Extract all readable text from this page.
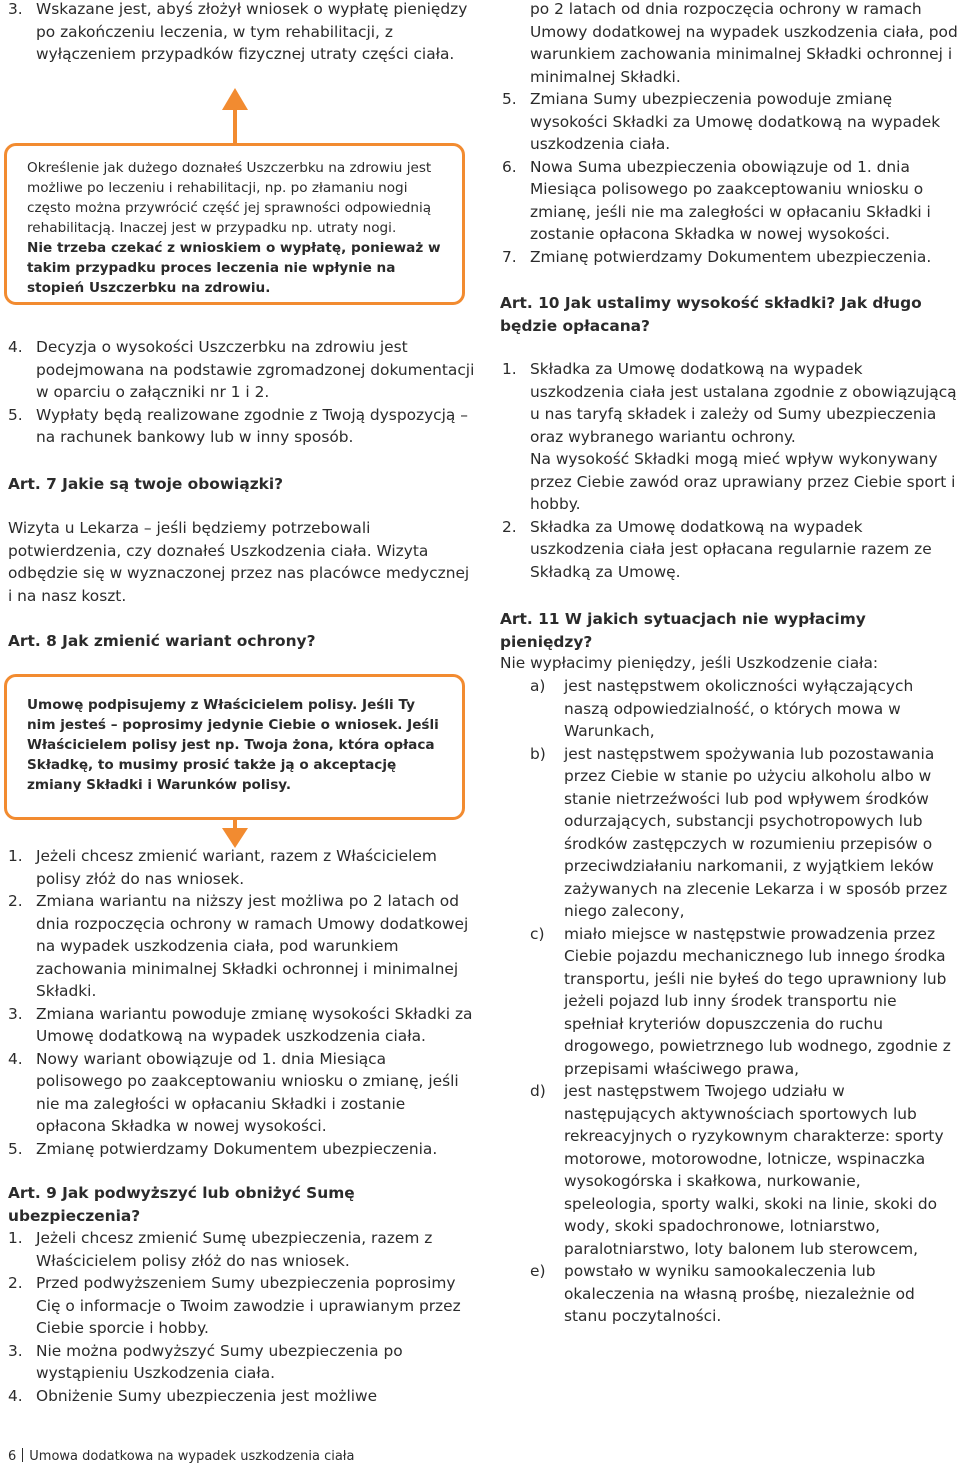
3. Wskazane jest, abyś złożył wniosek o wypłatę pieniędzy po zakończeniu leczenia, w tym rehabilitacji, z wyłączeniem przypadków fizycznej utraty części ciała.
Określenie jak dużego doznałeś Uszczerbku na zdrowiu jest możliwe po leczeniu i rehabilitacji, np. po złamaniu nogi często można przywrócić część jej sprawności odpowiednią rehabilitacją. Inaczej jest w przypadku np. utraty nogi.
Nie trzeba czekać z wnioskiem o wypłatę, ponieważ w takim przypadku proces leczenia nie wpłynie na stopień Uszczerbku na zdrowiu.
4. Decyzja o wysokości Uszczerbku na zdrowiu jest podejmowana na podstawie zgromadzonej dokumentacji w oparciu o załączniki nr 1 i 2.
5. Wypłaty będą realizowane zgodnie z Twoją dyspozycją – na rachunek bankowy lub w inny sposób.
Art. 7 Jakie są twoje obowiązki?
Wizyta u Lekarza – jeśli będziemy potrzebowali potwierdzenia, czy doznałeś Uszkodzenia ciała. Wizyta odbędzie się w wyznaczonej przez nas placówce medycznej i na nasz koszt.
Art. 8 Jak zmienić wariant ochrony?
Umowę podpisujemy z Właścicielem polisy. Jeśli Ty nim jesteś – poprosimy jedynie Ciebie o wniosek. Jeśli Właścicielem polisy jest np. Twoja żona, która opłaca Składkę, to musimy prosić także ją o akceptację zmiany Składki i Warunków polisy.
1. Jeżeli chcesz zmienić wariant, razem z Właścicielem polisy złóż do nas wniosek.
2. Zmiana wariantu na niższy jest możliwa po 2 latach od dnia rozpoczęcia ochrony w ramach Umowy dodatkowej na wypadek uszkodzenia ciała, pod warunkiem zachowania minimalnej Składki ochronnej i minimalnej Składki.
3. Zmiana wariantu powoduje zmianę wysokości Składki za Umowę dodatkową na wypadek uszkodzenia ciała.
4. Nowy wariant obowiązuje od 1. dnia Miesiąca polisowego po zaakceptowaniu wniosku o zmianę, jeśli nie ma zaległości w opłacaniu Składki i zostanie opłacona Składka w nowej wysokości.
5. Zmianę potwierdzamy Dokumentem ubezpieczenia.
Art. 9 Jak podwyższyć lub obniżyć Sumę ubezpieczenia?
1. Jeżeli chcesz zmienić Sumę ubezpieczenia, razem z Właścicielem polisy złóż do nas wniosek.
2. Przed podwyższeniem Sumy ubezpieczenia poprosimy Cię o informacje o Twoim zawodzie i uprawianym przez Ciebie sporcie i hobby.
3. Nie można podwyższyć Sumy ubezpieczenia po wystąpieniu Uszkodzenia ciała.
4. Obniżenie Sumy ubezpieczenia jest możliwe
po 2 latach od dnia rozpoczęcia ochrony w ramach Umowy dodatkowej na wypadek uszkodzenia ciała, pod warunkiem zachowania minimalnej Składki ochronnej i minimalnej Składki.
5. Zmiana Sumy ubezpieczenia powoduje zmianę wysokości Składki za Umowę dodatkową na wypadek uszkodzenia ciała.
6. Nowa Suma ubezpieczenia obowiązuje od 1. dnia Miesiąca polisowego po zaakceptowaniu wniosku o zmianę, jeśli nie ma zaległości w opłacaniu Składki i zostanie opłacona Składka w nowej wysokości.
7. Zmianę potwierdzamy Dokumentem ubezpieczenia.
Art. 10 Jak ustalimy wysokość składki? Jak długo będzie opłacana?
1. Składka za Umowę dodatkową na wypadek uszkodzenia ciała jest ustalana zgodnie z obowiązującą u nas taryfą składek i zależy od Sumy ubezpieczenia oraz wybranego wariantu ochrony.
Na wysokość Składki mogą mieć wpływ wykonywany przez Ciebie zawód oraz uprawiany przez Ciebie sport i hobby.
2. Składka za Umowę dodatkową na wypadek uszkodzenia ciała jest opłacana regularnie razem ze Składką za Umowę.
Art. 11 W jakich sytuacjach nie wypłacimy pieniędzy?
Nie wypłacimy pieniędzy, jeśli Uszkodzenie ciała:
a) jest następstwem okoliczności wyłączających naszą odpowiedzialność, o których mowa w Warunkach,
b) jest następstwem spożywania lub pozostawania przez Ciebie w stanie po użyciu alkoholu albo w stanie nietrzeźwości lub pod wpływem środków odurzających, substancji psychotropowych lub środków zastępczych w rozumieniu przepisów o przeciwdziałaniu narkomanii, z wyjątkiem leków zażywanych na zlecenie Lekarza i w sposób przez niego zalecony,
c) miało miejsce w następstwie prowadzenia przez Ciebie pojazdu mechanicznego lub innego środka transportu, jeśli nie byłeś do tego uprawniony lub jeżeli pojazd lub inny środek transportu nie spełniał kryteriów dopuszczenia do ruchu drogowego, powietrznego lub wodnego, zgodnie z przepisami właściwego prawa,
d) jest następstwem Twojego udziału w następujących aktywnościach sportowych lub rekreacyjnych o ryzykownym charakterze: sporty motorowe, motorowodne, lotnicze, wspinaczka wysokogórska i skałkowa, nurkowanie, speleologia, sporty walki, skoki na linie, skoki do wody, skoki spadochronowe, lotniarstwo, paralotniarstwo, loty balonem lub sterowcem,
e) powstało w wyniku samookaleczenia lub okaleczenia na własną prośbę, niezależnie od stanu poczytalności.
6 Umowa dodatkowa na wypadek uszkodzenia ciała
